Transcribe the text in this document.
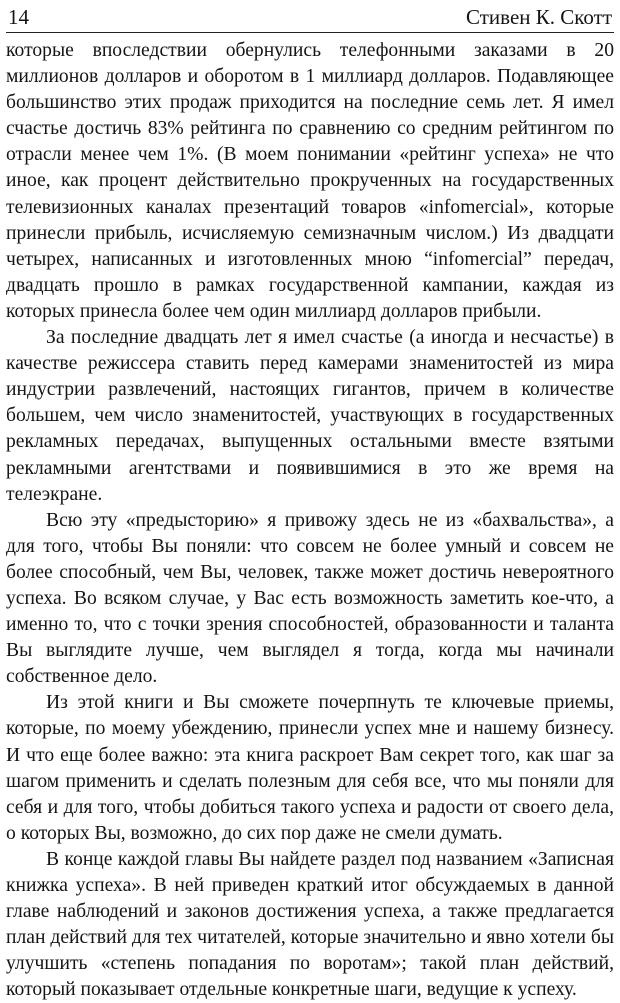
14	Стивен К. Скотт

которые впоследствии обернулись телефонными заказами в 20 миллионов долларов и оборотом в 1 миллиард долларов. Подавляющее большинство этих продаж приходится на последние семь лет. Я имел счастье достичь 83% рейтинга по сравнению со средним рейтингом по отрасли менее чем 1%. (В моем понимании «рейтинг успеха» не что иное, как процент действительно прокрученных на государственных телевизионных каналах презентаций товаров «infomercial», которые принесли прибыль, исчисляемую семизначным числом.) Из двадцати четырех, написанных и изготовленных мною “infomercial” передач, двадцать прошло в рамках государственной кампании, каждая из которых принесла более чем один миллиард долларов прибыли.

За последние двадцать лет я имел счастье (а иногда и несчастье) в качестве режиссера ставить перед камерами знаменитостей из мира индустрии развлечений, настоящих гигантов, причем в количестве большем, чем число знаменитостей, участвующих в государственных рекламных передачах, выпущенных остальными вместе взятыми рекламными агентствами и появившимися в это же время на телеэкране.

Всю эту «предысторию» я привожу здесь не из «бахвальства», а для того, чтобы Вы поняли: что совсем не более умный и совсем не более способный, чем Вы, человек, также может достичь невероятного успеха. Во всяком случае, у Вас есть возможность заметить кое-что, а именно то, что с точки зрения способностей, образованности и таланта Вы выглядите лучше, чем выглядел я тогда, когда мы начинали собственное дело.

Из этой книги и Вы сможете почерпнуть те ключевые приемы, которые, по моему убеждению, принесли успех мне и нашему бизнесу. И что еще более важно: эта книга раскроет Вам секрет того, как шаг за шагом применить и сделать полезным для себя все, что мы поняли для себя и для того, чтобы добиться такого успеха и радости от своего дела, о которых Вы, возможно, до сих пор даже не смели думать.

В конце каждой главы Вы найдете раздел под названием «Записная книжка успеха». В ней приведен краткий итог обсуждаемых в данной главе наблюдений и законов достижения успеха, а также предлагается план действий для тех читателей, которые значительно и явно хотели бы улучшить «степень попадания по воротам»; такой план действий, который показывает отдельные конкретные шаги, ведущие к успеху.
